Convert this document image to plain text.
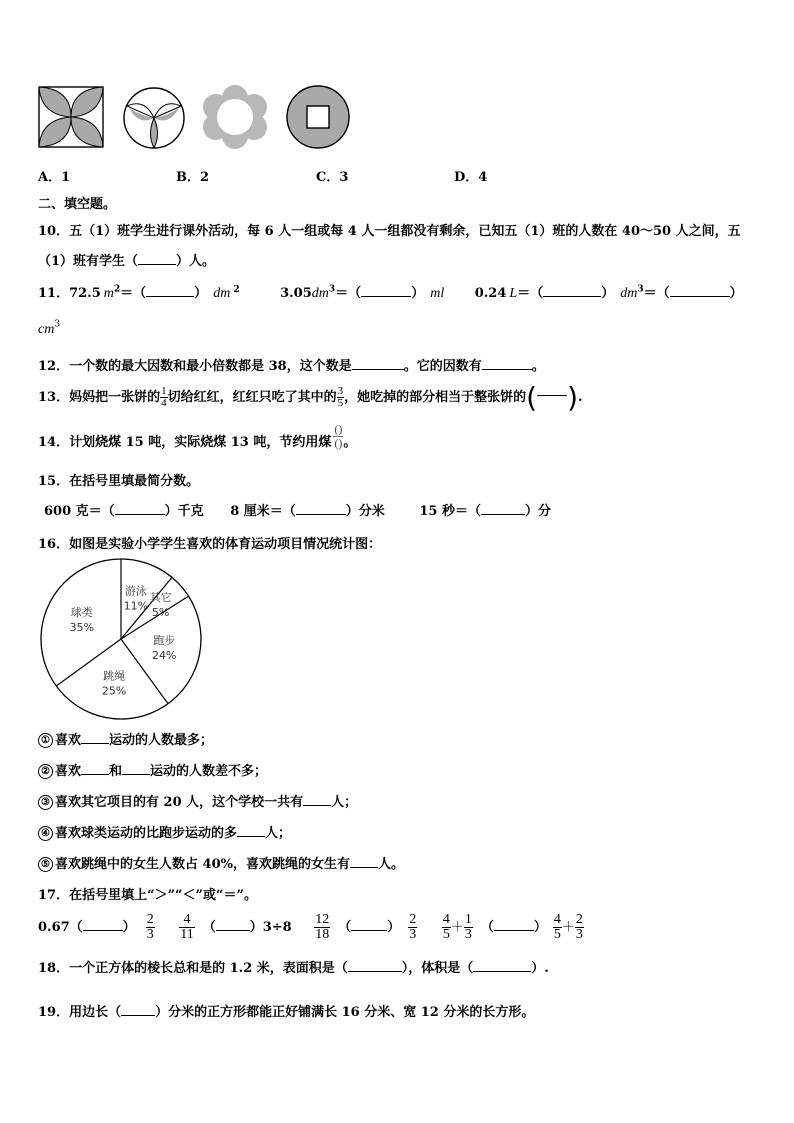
A．1	B．2	C．3	D．4
二、填空题。
10．五（1）班学生进行课外活动，每 6 人一组或每 4 人一组都没有剩余，已知五（1）班的人数在 40～50 人之间，五
（1）班有学生（	）人。
11．72.5 $m^2=$（	） dm $^2$	$3.05dm^3=$（	） ml 0.24 L＝（	） $dm^3=$（	）
$cm^3$
12．一个数的最大因数和最小倍数都是 38，这个数是	。它的因数有	。
13．妈妈把一张饼的 $\frac{1}{4}$ 切给红红，红红只吃了其中的 $\frac{3}{5}$ ，她吃掉的部分相当于整张饼的( ).
14．计划烧煤 15 吨，实际烧煤 13 吨，节约用煤 $\frac{()}{()}$ 。
15．在括号里填最简分数。
600 克＝（	）千克 8 厘米＝（	）分米	15 秒＝（	）分
16．如图是实验小学学生喜欢的体育运动项目情况统计图：
游泳
11%
其它
5%
跑步
24%
跳绳
25%
球类
35%
① 喜欢 运动的人数最多；
② 喜欢 和 运动的人数差不多；
③ 喜欢其它项目的有 20 人，这个学校一共有 人；
④ 喜欢球类运动的比跑步运动的多 人；
⑤ 喜欢跳绳中的女生人数占 40%，喜欢跳绳的女生有 人。
17．在括号里填上“＞”“＜”或“＝”。
0.67（	） $\frac{2}{3}$
$\frac{4}{11}$ （	）$3\div 8 \frac{12}{18}$ （	） $\frac{2}{3}$
$\frac{4}{5} + \frac{1}{3}$ （	） $\frac{4}{5} + \frac{2}{3}$
18．一个正方体的棱长总和是的 1.2 米，表面积是（	），体积是（	）.
19．用边长（	）分米的正方形都能正好铺满长 16 分米、宽 12 分米的长方形。
